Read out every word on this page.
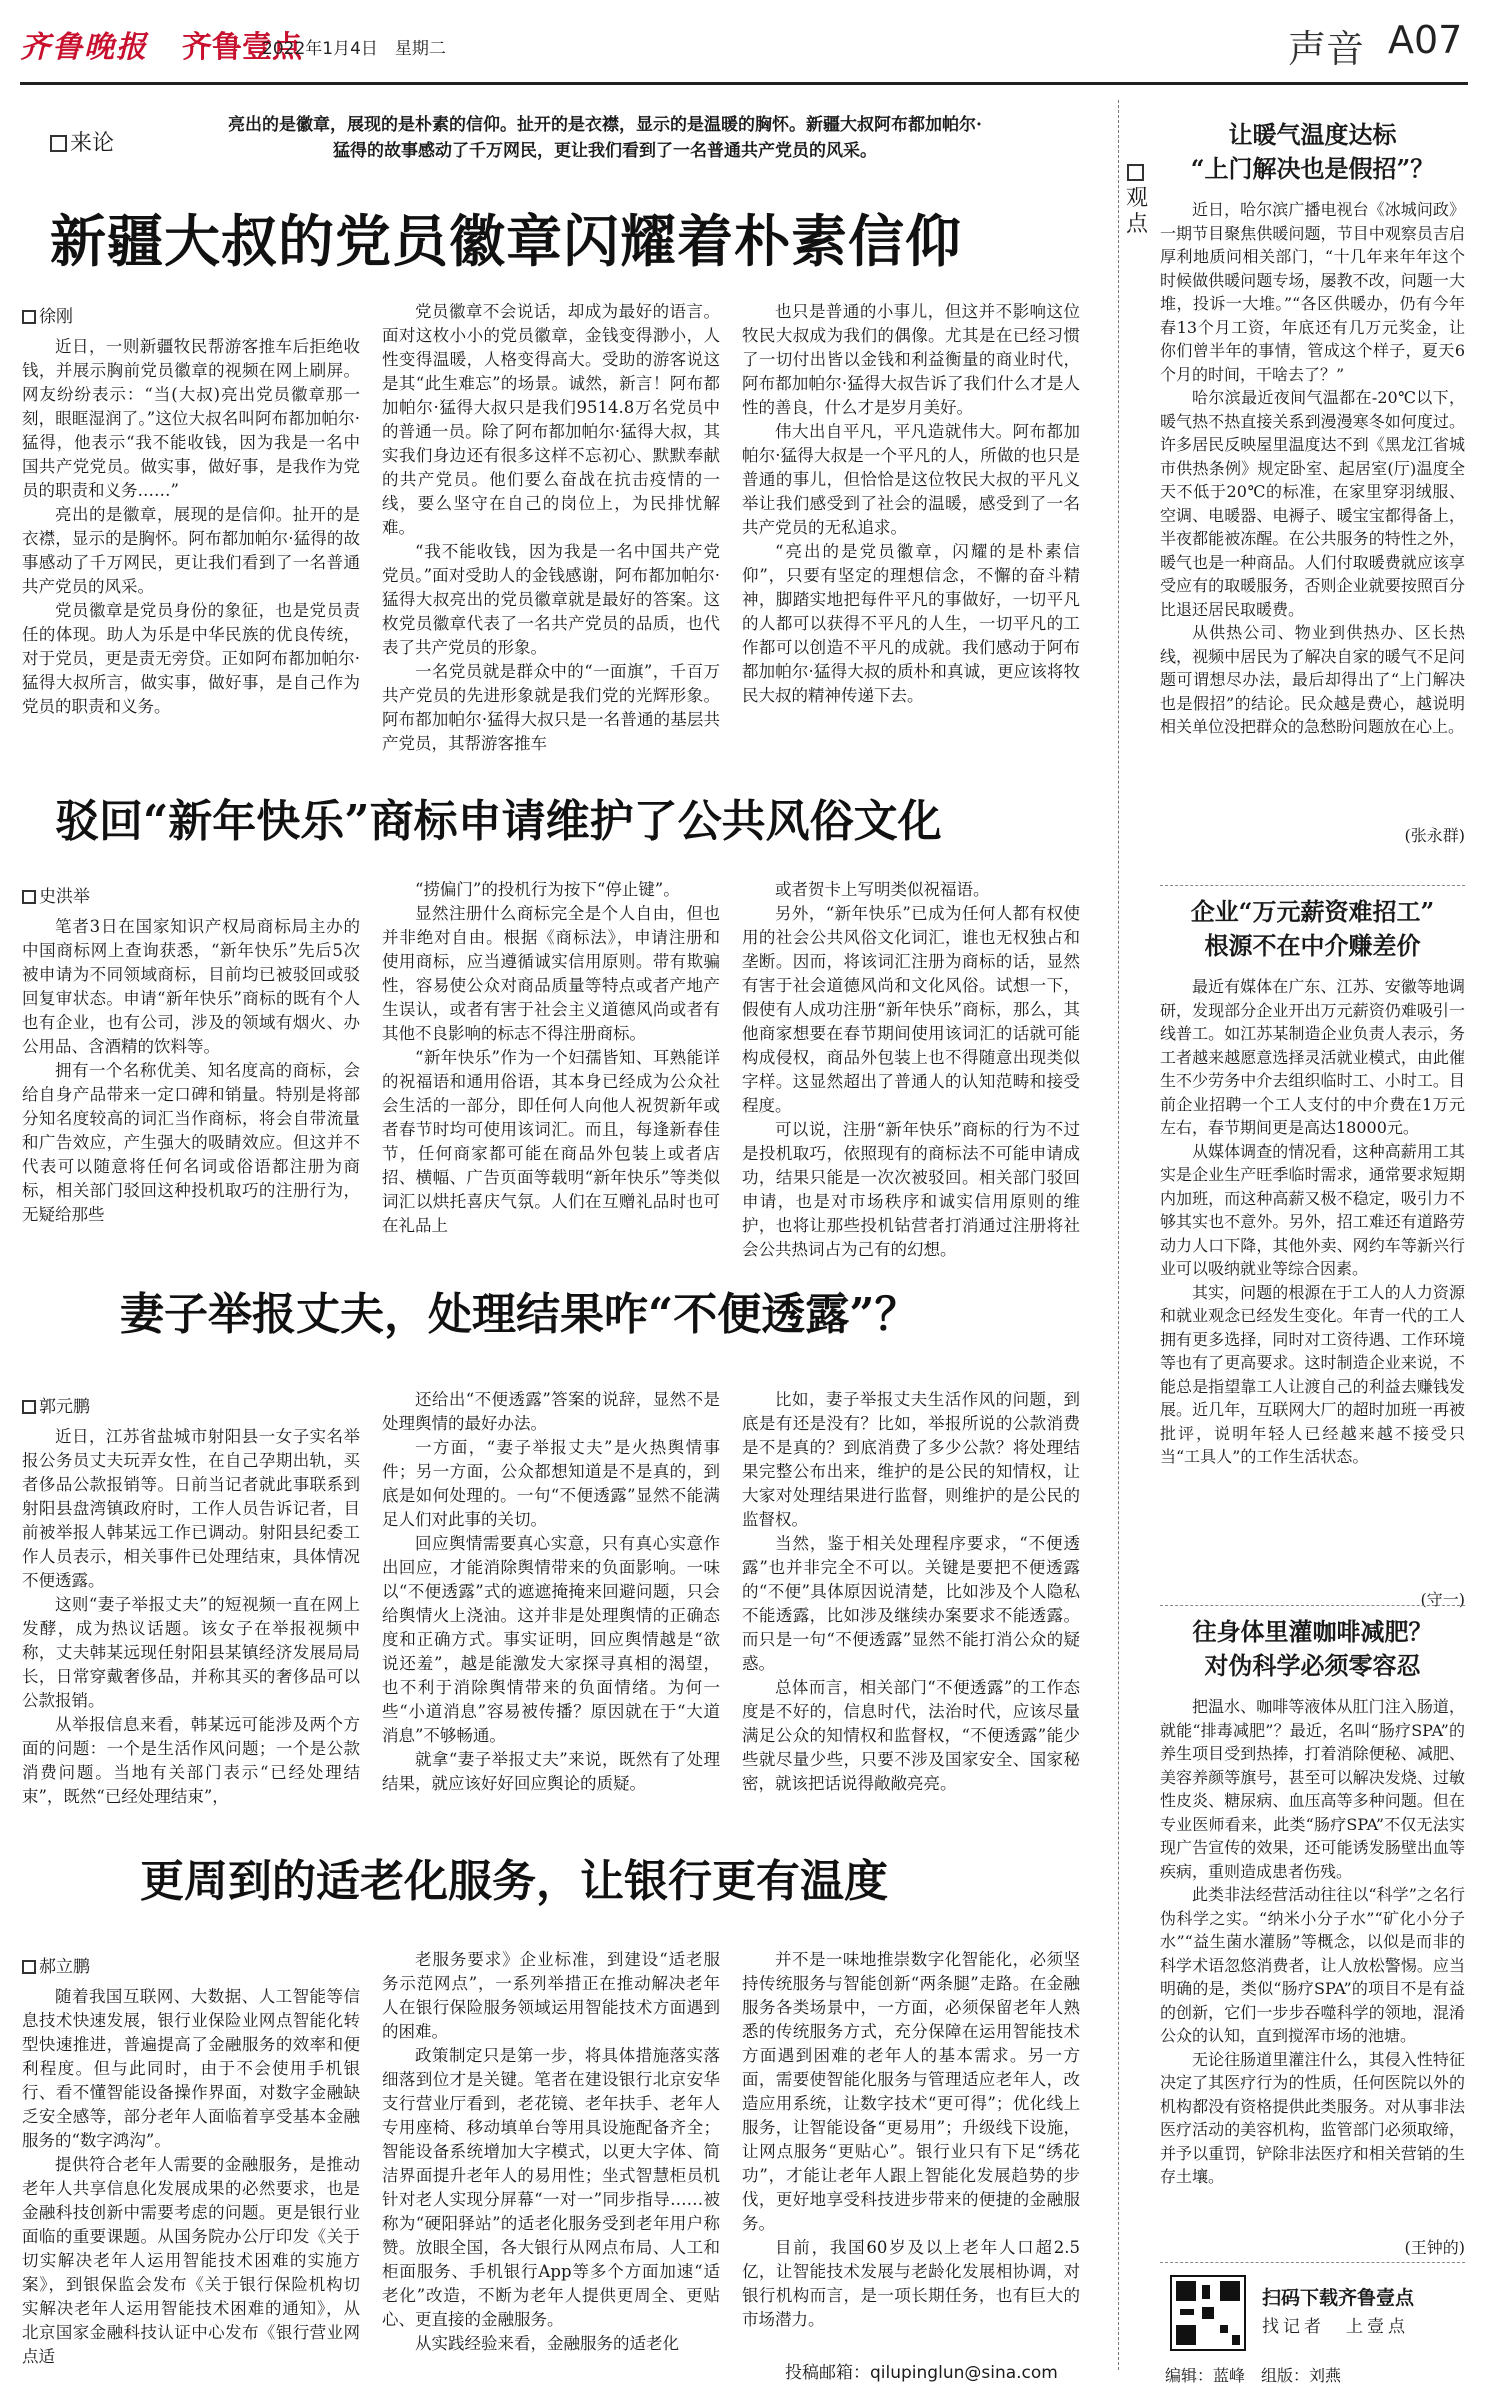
齐鲁晚报 齐鲁壹点
2022年1月4日　星期二	声音 A07
来论
亮出的是徽章，展现的是朴素的信仰。扯开的是衣襟，显示的是温暖的胸怀。新疆大叔阿布都加帕尔·猛得的故事感动了千万网民，更让我们看到了一名普通共产党员的风采。
新疆大叔的党员徽章闪耀着朴素信仰
徐刚

近日，一则新疆牧民帮游客推车后拒绝收钱，并展示胸前党员徽章的视频在网上刷屏。网友纷纷表示：“当(大叔)亮出党员徽章那一刻，眼眶湿润了。”这位大叔名叫阿布都加帕尔·猛得，他表示“我不能收钱，因为我是一名中国共产党党员。做实事，做好事，是我作为党员的职责和义务……”

亮出的是徽章，展现的是信仰。扯开的是衣襟，显示的是胸怀。阿布都加帕尔·猛得的故事感动了千万网民，更让我们看到了一名普通共产党员的风采。

党员徽章是党员身份的象征，也是党员责任的体现。助人为乐是中华民族的优良传统，对于党员，更是责无旁贷。正如阿布都加帕尔·猛得大叔所言，做实事，做好事，是自己作为党员的职责和义务。

党员徽章不会说话，却成为最好的语言。面对这枚小小的党员徽章，金钱变得渺小，人性变得温暖，人格变得高大。受助的游客说这是其“此生难忘”的场景。诚然，新言！阿布都加帕尔·猛得大叔只是我们9514.8万名党员中的普通一员。除了阿布都加帕尔·猛得大叔，其实我们身边还有很多这样不忘初心、默默奉献的共产党员。他们要么奋战在抗击疫情的一线，要么坚守在自己的岗位上，为民排忧解难。

“我不能收钱，因为我是一名中国共产党党员。”面对受助人的金钱感谢，阿布都加帕尔·猛得大叔亮出的党员徽章就是最好的答案。这枚党员徽章代表了一名共产党员的品质，也代表了共产党员的形象。

一名党员就是群众中的“一面旗”，千百万共产党员的先进形象就是我们党的光辉形象。阿布都加帕尔·猛得大叔只是一名普通的基层共产党员，其帮游客推车

也只是普通的小事儿，但这并不影响这位牧民大叔成为我们的偶像。尤其是在已经习惯了一切付出皆以金钱和利益衡量的商业时代，阿布都加帕尔·猛得大叔告诉了我们什么才是人性的善良，什么才是岁月美好。

伟大出自平凡，平凡造就伟大。阿布都加帕尔·猛得大叔是一个平凡的人，所做的也只是普通的事儿，但恰恰是这位牧民大叔的平凡义举让我们感受到了社会的温暖，感受到了一名共产党员的无私追求。

“亮出的是党员徽章，闪耀的是朴素信仰”，只要有坚定的理想信念，不懈的奋斗精神，脚踏实地把每件平凡的事做好，一切平凡的人都可以获得不平凡的人生，一切平凡的工作都可以创造不平凡的成就。我们感动于阿布都加帕尔·猛得大叔的质朴和真诚，更应该将牧民大叔的精神传递下去。

驳回“新年快乐”商标申请维护了公共风俗文化
史洪举

笔者3日在国家知识产权局商标局主办的中国商标网上查询获悉，“新年快乐”先后5次被申请为不同领域商标，目前均已被驳回或驳回复审状态。申请“新年快乐”商标的既有个人也有企业，也有公司，涉及的领域有烟火、办公用品、含酒精的饮料等。

拥有一个名称优美、知名度高的商标，会给自身产品带来一定口碑和销量。特别是将部分知名度较高的词汇当作商标，将会自带流量和广告效应，产生强大的吸睛效应。但这并不代表可以随意将任何名词或俗语都注册为商标，相关部门驳回这种投机取巧的注册行为，无疑给那些

“捞偏门”的投机行为按下“停止键”。

显然注册什么商标完全是个人自由，但也并非绝对自由。根据《商标法》，申请注册和使用商标，应当遵循诚实信用原则。带有欺骗性，容易使公众对商品质量等特点或者产地产生误认，或者有害于社会主义道德风尚或者有其他不良影响的标志不得注册商标。

“新年快乐”作为一个妇孺皆知、耳熟能详的祝福语和通用俗语，其本身已经成为公众社会生活的一部分，即任何人向他人祝贺新年或者春节时均可使用该词汇。而且，每逢新春佳节，任何商家都可能在商品外包装上或者店招、横幅、广告页面等载明“新年快乐”等类似词汇以烘托喜庆气氛。人们在互赠礼品时也可在礼品上

或者贺卡上写明类似祝福语。

另外，“新年快乐”已成为任何人都有权使用的社会公共风俗文化词汇，谁也无权独占和垄断。因而，将该词汇注册为商标的话，显然有害于社会道德风尚和文化风俗。试想一下，假使有人成功注册“新年快乐”商标，那么，其他商家想要在春节期间使用该词汇的话就可能构成侵权，商品外包装上也不得随意出现类似字样。这显然超出了普通人的认知范畴和接受程度。

可以说，注册“新年快乐”商标的行为不过是投机取巧，依照现有的商标法不可能申请成功，结果只能是一次次被驳回。相关部门驳回申请，也是对市场秩序和诚实信用原则的维护，也将让那些投机钻营者打消通过注册将社会公共热词占为己有的幻想。

妻子举报丈夫，处理结果咋“不便透露”？
郭元鹏

近日，江苏省盐城市射阳县一女子实名举报公务员丈夫玩弄女性，在自己孕期出轨，买者侈品公款报销等。日前当记者就此事联系到射阳县盘湾镇政府时，工作人员告诉记者，目前被举报人韩某远工作已调动。射阳县纪委工作人员表示，相关事件已处理结束，具体情况不便透露。

这则“妻子举报丈夫”的短视频一直在网上发酵，成为热议话题。该女子在举报视频中称，丈夫韩某远现任射阳县某镇经济发展局局长，日常穿戴奢侈品，并称其买的奢侈品可以公款报销。

从举报信息来看，韩某远可能涉及两个方面的问题：一个是生活作风问题；一个是公款消费问题。当地有关部门表示“已经处理结束”，既然“已经处理结束”，

还给出“不便透露”答案的说辞，显然不是处理舆情的最好办法。

一方面，“妻子举报丈夫”是火热舆情事件；另一方面，公众都想知道是不是真的，到底是如何处理的。一句“不便透露”显然不能满足人们对此事的关切。

回应舆情需要真心实意，只有真心实意作出回应，才能消除舆情带来的负面影响。一味以“不便透露”式的遮遮掩掩来回避问题，只会给舆情火上浇油。这并非是处理舆情的正确态度和正确方式。事实证明，回应舆情越是“欲说还羞”，越是能激发大家探寻真相的渴望，也不利于消除舆情带来的负面情绪。为何一些“小道消息”容易被传播？原因就在于“大道消息”不够畅通。

就拿“妻子举报丈夫”来说，既然有了处理结果，就应该好好回应舆论的质疑。

比如，妻子举报丈夫生活作风的问题，到底是有还是没有？比如，举报所说的公款消费是不是真的？到底消费了多少公款？将处理结果完整公布出来，维护的是公民的知情权，让大家对处理结果进行监督，则维护的是公民的监督权。

当然，鉴于相关处理程序要求，“不便透露”也并非完全不可以。关键是要把不便透露的“不便”具体原因说清楚，比如涉及个人隐私不能透露，比如涉及继续办案要求不能透露。而只是一句“不便透露”显然不能打消公众的疑惑。

总体而言，相关部门“不便透露”的工作态度是不好的，信息时代，法治时代，应该尽量满足公众的知情权和监督权，“不便透露”能少些就尽量少些，只要不涉及国家安全、国家秘密，就该把话说得敞敞亮亮。

更周到的适老化服务，让银行更有温度
郝立鹏

随着我国互联网、大数据、人工智能等信息技术快速发展，银行业保险业网点智能化转型快速推进，普遍提高了金融服务的效率和便利程度。但与此同时，由于不会使用手机银行、看不懂智能设备操作界面，对数字金融缺乏安全感等，部分老年人面临着享受基本金融服务的“数字鸿沟”。

提供符合老年人需要的金融服务，是推动老年人共享信息化发展成果的必然要求，也是金融科技创新中需要考虑的问题。更是银行业面临的重要课题。从国务院办公厅印发《关于切实解决老年人运用智能技术困难的实施方案》，到银保监会发布《关于银行保险机构切实解决老年人运用智能技术困难的通知》，从北京国家金融科技认证中心发布《银行营业网点适

老服务要求》企业标准，到建设“适老服务示范网点”，一系列举措正在推动解决老年人在银行保险服务领域运用智能技术方面遇到的困难。

政策制定只是第一步，将具体措施落实落细落到位才是关键。笔者在建设银行北京安华支行营业厅看到，老花镜、老年扶手、老年人专用座椅、移动填单台等用具设施配备齐全；智能设备系统增加大字模式，以更大字体、简洁界面提升老年人的易用性；坐式智慧柜员机针对老人实现分屏幕“一对一”同步指导……被称为“硬阳驿站”的适老化服务受到老年用户称赞。放眼全国，各大银行从网点布局、人工和柜面服务、手机银行App等多个方面加速“适老化”改造，不断为老年人提供更周全、更贴心、更直接的金融服务。

从实践经验来看，金融服务的适老化

并不是一味地推崇数字化智能化，必须坚持传统服务与智能创新“两条腿”走路。在金融服务各类场景中，一方面，必须保留老年人熟悉的传统服务方式，充分保障在运用智能技术方面遇到困难的老年人的基本需求。另一方面，需要使智能化服务与管理适应老年人，改造应用系统，让数字技术“更可得”；优化线上服务，让智能设备“更易用”；升级线下设施，让网点服务“更贴心”。银行业只有下足“绣花功”，才能让老年人跟上智能化发展趋势的步伐，更好地享受科技进步带来的便捷的金融服务。

目前，我国60岁及以上老年人口超2.5亿，让智能技术发展与老龄化发展相协调，对银行机构而言，是一项长期任务，也有巨大的市场潜力。

投稿邮箱：qilupinglun@sina.com
观点
让暖气温度达标
“上门解决也是假招”？

近日，哈尔滨广播电视台《冰城问政》一期节目聚焦供暖问题，节目中观察员吉启厚利地质问相关部门，“十几年来年年这个时候做供暖问题专场，屡教不改，问题一大堆，投诉一大堆。”“各区供暖办，仍有今年春13个月工资，年底还有几万元奖金，让你们曾半年的事情，管成这个样子，夏天6个月的时间，干啥去了？”

哈尔滨最近夜间气温都在-20℃以下，暖气热不热直接关系到漫漫寒冬如何度过。许多居民反映屋里温度达不到《黑龙江省城市供热条例》规定卧室、起居室(厅)温度全天不低于20℃的标准，在家里穿羽绒服、空调、电暖器、电褥子、暖宝宝都得备上，半夜都能被冻醒。在公共服务的特性之外，暖气也是一种商品。人们付取暖费就应该享受应有的取暖服务，否则企业就要按照百分比退还居民取暖费。

从供热公司、物业到供热办、区长热线，视频中居民为了解决自家的暖气不足问题可谓想尽办法，最后却得出了“上门解决也是假招”的结论。民众越是费心，越说明相关单位没把群众的急愁盼问题放在心上。

(张永群)
企业“万元薪资难招工”
根源不在中介赚差价

最近有媒体在广东、江苏、安徽等地调研，发现部分企业开出万元薪资仍难吸引一线普工。如江苏某制造企业负责人表示，务工者越来越愿意选择灵活就业模式，由此催生不少劳务中介去组织临时工、小时工。目前企业招聘一个工人支付的中介费在1万元左右，春节期间更是高达18000元。

从媒体调查的情况看，这种高薪用工其实是企业生产旺季临时需求，通常要求短期内加班，而这种高薪又极不稳定，吸引力不够其实也不意外。另外，招工难还有道路劳动力人口下降，其他外卖、网约车等新兴行业可以吸纳就业等综合因素。

其实，问题的根源在于工人的人力资源和就业观念已经发生变化。年青一代的工人拥有更多选择，同时对工资待遇、工作环境等也有了更高要求。这时制造企业来说，不能总是指望靠工人让渡自己的利益去赚钱发展。近几年，互联网大厂的超时加班一再被批评，说明年轻人已经越来越不接受只当“工具人”的工作生活状态。

(守一)
往身体里灌咖啡减肥？
对伪科学必须零容忍

把温水、咖啡等液体从肛门注入肠道，就能“排毒减肥”？最近，名叫“肠疗SPA”的养生项目受到热捧，打着消除便秘、减肥、美容养颜等旗号，甚至可以解决发烧、过敏性皮炎、糖尿病、血压高等多种问题。但在专业医师看来，此类“肠疗SPA”不仅无法实现广告宣传的效果，还可能诱发肠壁出血等疾病，重则造成患者伤残。

此类非法经营活动往往以“科学”之名行伪科学之实。“纳米小分子水”“矿化小分子水”“益生菌水灌肠”等概念，以似是而非的科学术语忽悠消费者，让人放松警惕。应当明确的是，类似“肠疗SPA”的项目不是有益的创新，它们一步步吞噬科学的领地，混淆公众的认知，直到搅浑市场的池塘。

无论往肠道里灌注什么，其侵入性特征决定了其医疗行为的性质，任何医院以外的机构都没有资格提供此类服务。对从事非法医疗活动的美容机构，监管部门必须取缔，并予以重罚，铲除非法医疗和相关营销的生存土壤。

(王钟的)
扫码下载齐鲁壹点
找记者　上壹点
编辑：蓝峰　组版：刘燕
